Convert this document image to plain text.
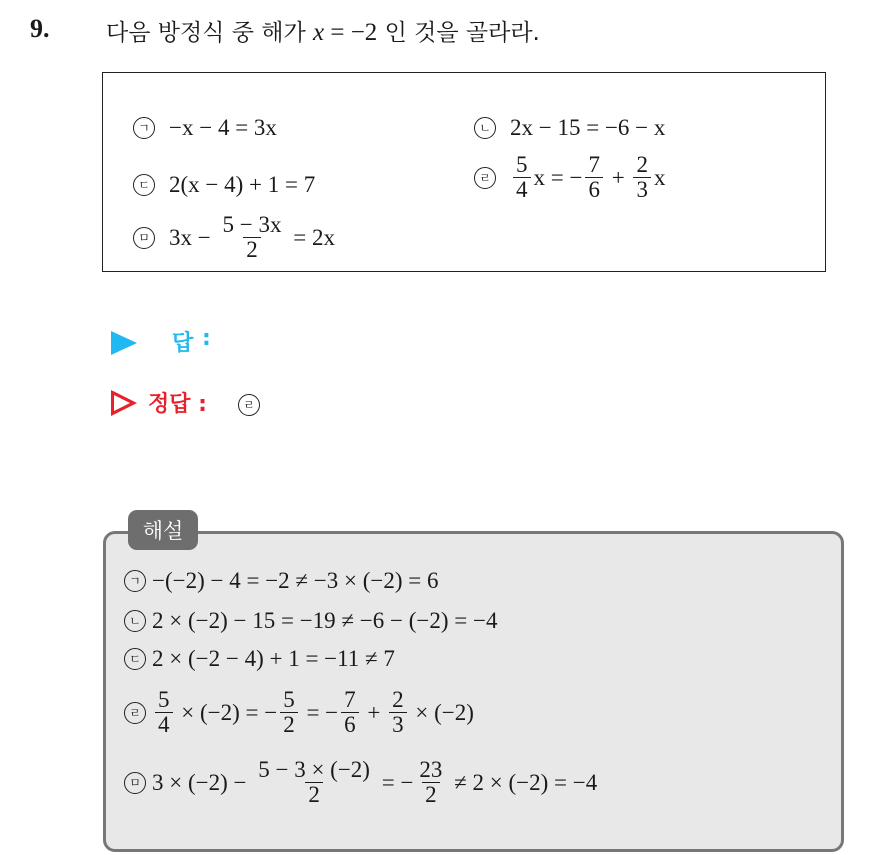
9. 다음 방정식 중 해가 x = −2 인 것을 골라라.
ㄱ −x − 4 = 3x	ㄴ 2x − 15 = −6 − x
ㄷ 2(x − 4) + 1 = 7	ㄹ $\frac{5}{4}$ x = − $\frac{7}{6} + \frac{2}{3}$ x
ㅁ $3x - \frac{5 - 3x}{2} = 2x$
답 :
정답 :	ㄹ
해설
ㄱ −(−2) − 4 = −2 ≠ −3 × (−2) = 6
ㄴ 2 × (−2) − 15 = −19 ≠ −6 − (−2) = −4
ㄷ 2 × (−2 − 4) + 1 = −11 ≠ 7
ㄹ $\frac{5}{4} \times (-2)$ = − $\frac{5}{2}$ = − $\frac{7}{6} + \frac{2}{3} \times (-2)$
ㅁ $3 \times (-2) - \frac{5 - 3 \times (-2)}{2}$ = − $\frac{23}{2} \ne 2 \times (-2) = -4$
